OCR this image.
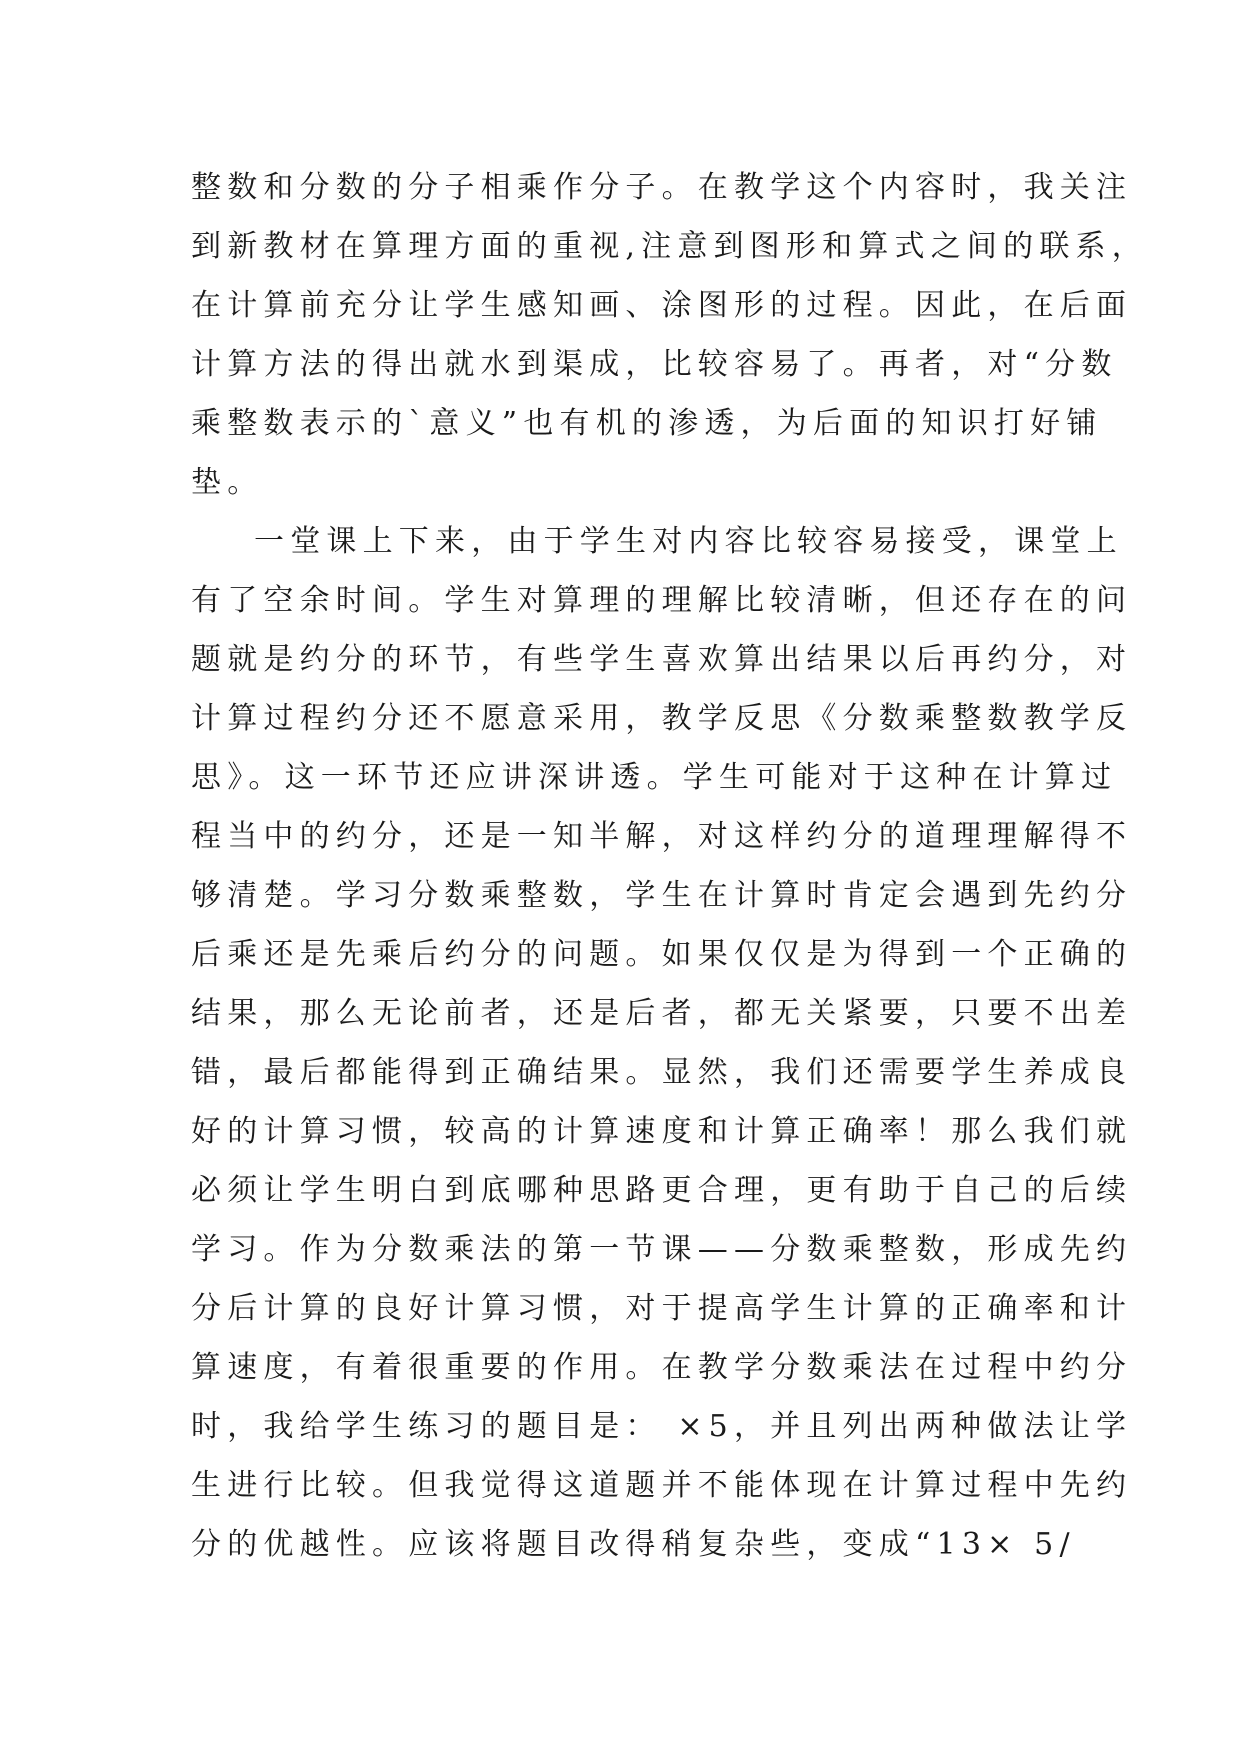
整数和分数的分子相乘作分子。在教学这个内容时，我关注
到新教材在算理方面的重视,注意到图形和算式之间的联系，
在计算前充分让学生感知画、涂图形的过程。因此，在后面
计算方法的得出就水到渠成，比较容易了。再者，对“分数
乘整数表示的`意义”也有机的渗透，为后面的知识打好铺
垫。
一堂课上下来，由于学生对内容比较容易接受，课堂上
有了空余时间。学生对算理的理解比较清晰，但还存在的问
题就是约分的环节，有些学生喜欢算出结果以后再约分，对
计算过程约分还不愿意采用，教学反思《分数乘整数教学反
思》。这一环节还应讲深讲透。学生可能对于这种在计算过
程当中的约分，还是一知半解，对这样约分的道理理解得不
够清楚。学习分数乘整数，学生在计算时肯定会遇到先约分
后乘还是先乘后约分的问题。如果仅仅是为得到一个正确的
结果，那么无论前者，还是后者，都无关紧要，只要不出差
错，最后都能得到正确结果。显然，我们还需要学生养成良
好的计算习惯，较高的计算速度和计算正确率！那么我们就
必须让学生明白到底哪种思路更合理，更有助于自己的后续
学习。作为分数乘法的第一节课——分数乘整数，形成先约
分后计算的良好计算习惯，对于提高学生计算的正确率和计
算速度，有着很重要的作用。在教学分数乘法在过程中约分
时，我给学生练习的题目是： ×5，并且列出两种做法让学
生进行比较。但我觉得这道题并不能体现在计算过程中先约
分的优越性。应该将题目改得稍复杂些，变成“13× 5/
